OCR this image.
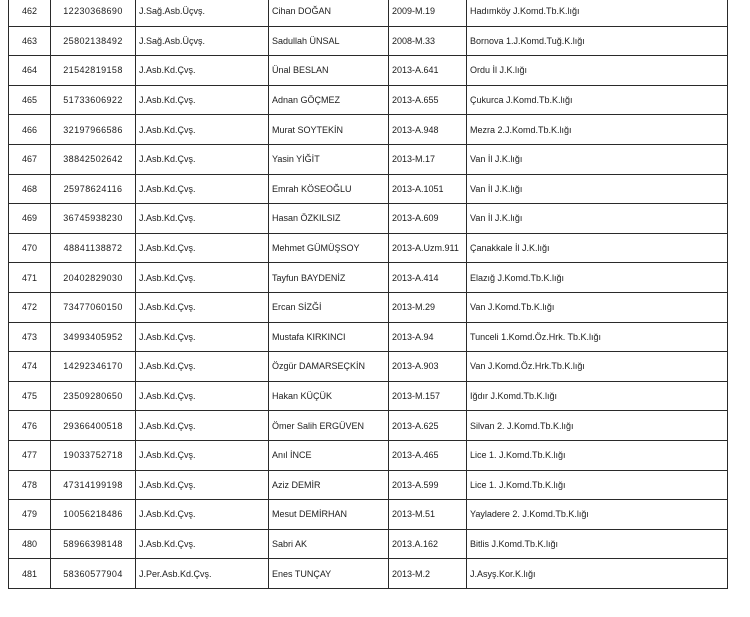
462	12230368690	J.Sağ.Asb.Üçvş.	Cihan DOĞAN	2009-M.19	Hadımköy J.Komd.Tb.K.lığı
463	25802138492	J.Sağ.Asb.Üçvş.	Sadullah ÜNSAL	2008-M.33	Bornova 1.J.Komd.Tuğ.K.lığı
464	21542819158	J.Asb.Kd.Çvş.	Ünal BESLAN	2013-A.641	Ordu İl J.K.lığı
465	51733606922	J.Asb.Kd.Çvş.	Adnan GÖÇMEZ	2013-A.655	Çukurca J.Komd.Tb.K.lığı
466	32197966586	J.Asb.Kd.Çvş.	Murat SOYTEKİN	2013-A.948	Mezra 2.J.Komd.Tb.K.lığı
467	38842502642	J.Asb.Kd.Çvş.	Yasin YİĞİT	2013-M.17	Van İl J.K.lığı
468	25978624116	J.Asb.Kd.Çvş.	Emrah KÖSEOĞLU	2013-A.1051	Van İl J.K.lığı
469	36745938230	J.Asb.Kd.Çvş.	Hasan ÖZKILSIZ	2013-A.609	Van İl J.K.lığı
470	48841138872	J.Asb.Kd.Çvş.	Mehmet GÜMÜŞSOY	2013-A.Uzm.911	Çanakkale İl J.K.lığı
471	20402829030	J.Asb.Kd.Çvş.	Tayfun BAYDENİZ	2013-A.414	Elazığ J.Komd.Tb.K.lığı
472	73477060150	J.Asb.Kd.Çvş.	Ercan SİZĞİ	2013-M.29	Van J.Komd.Tb.K.lığı
473	34993405952	J.Asb.Kd.Çvş.	Mustafa KIRKINCI	2013-A.94	Tunceli 1.Komd.Öz.Hrk. Tb.K.lığı
474	14292346170	J.Asb.Kd.Çvş.	Özgür DAMARSEÇKİN	2013-A.903	Van J.Komd.Öz.Hrk.Tb.K.lığı
475	23509280650	J.Asb.Kd.Çvş.	Hakan KÜÇÜK	2013-M.157	Iğdır J.Komd.Tb.K.lığı
476	29366400518	J.Asb.Kd.Çvş.	Ömer Salih ERGÜVEN	2013-A.625	Silvan 2. J.Komd.Tb.K.lığı
477	19033752718	J.Asb.Kd.Çvş.	Anıl İNCE	2013-A.465	Lice 1. J.Komd.Tb.K.lığı
478	47314199198	J.Asb.Kd.Çvş.	Aziz DEMİR	2013-A.599	Lice 1. J.Komd.Tb.K.lığı
479	10056218486	J.Asb.Kd.Çvş.	Mesut DEMİRHAN	2013-M.51	Yayladere 2. J.Komd.Tb.K.lığı
480	58966398148	J.Asb.Kd.Çvş.	Sabri AK	2013.A.162	Bitlis J.Komd.Tb.K.lığı
481	58360577904	J.Per.Asb.Kd.Çvş.	Enes TUNÇAY	2013-M.2	J.Asyş.Kor.K.lığı
